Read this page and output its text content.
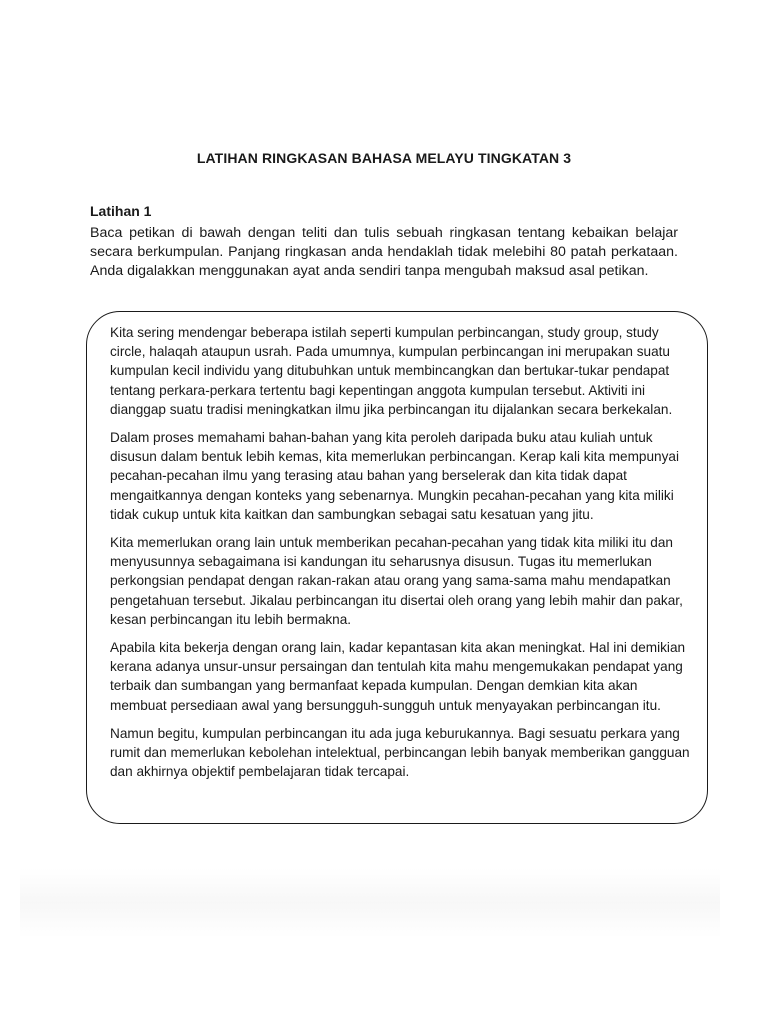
LATIHAN RINGKASAN BAHASA MELAYU TINGKATAN 3
Latihan 1
Baca petikan di bawah dengan teliti dan tulis sebuah ringkasan tentang kebaikan belajar secara berkumpulan. Panjang ringkasan anda hendaklah tidak melebihi 80 patah perkataan. Anda digalakkan menggunakan ayat anda sendiri tanpa mengubah maksud asal petikan.

Kita sering mendengar beberapa istilah seperti kumpulan perbincangan, study group, study circle, halaqah ataupun usrah. Pada umumnya, kumpulan perbincangan ini merupakan suatu kumpulan kecil individu yang ditubuhkan untuk membincangkan dan bertukar-tukar pendapat tentang perkara-perkara tertentu bagi kepentingan anggota kumpulan tersebut. Aktiviti ini dianggap suatu tradisi meningkatkan ilmu jika perbincangan itu dijalankan secara berkekalan.

Dalam proses memahami bahan-bahan yang kita peroleh daripada buku atau kuliah untuk disusun dalam bentuk lebih kemas, kita memerlukan perbincangan. Kerap kali kita mempunyai pecahan-pecahan ilmu yang terasing atau bahan yang berselerak dan kita tidak dapat mengaitkannya dengan konteks yang sebenarnya. Mungkin pecahan-pecahan yang kita miliki tidak cukup untuk kita kaitkan dan sambungkan sebagai satu kesatuan yang jitu.

Kita memerlukan orang lain untuk memberikan pecahan-pecahan yang tidak kita miliki itu dan menyusunnya sebagaimana isi kandungan itu seharusnya disusun. Tugas itu memerlukan perkongsian pendapat dengan rakan-rakan atau orang yang sama-sama mahu mendapatkan pengetahuan tersebut. Jikalau perbincangan itu disertai oleh orang yang lebih mahir dan pakar, kesan perbincangan itu lebih bermakna.

Apabila kita bekerja dengan orang lain, kadar kepantasan kita akan meningkat. Hal ini demikian kerana adanya unsur-unsur persaingan dan tentulah kita mahu mengemukakan pendapat yang terbaik dan sumbangan yang bermanfaat kepada kumpulan. Dengan demkian kita akan membuat persediaan awal yang bersungguh-sungguh untuk menyayakan perbincangan itu.

Namun begitu, kumpulan perbincangan itu ada juga keburukannya. Bagi sesuatu perkara yang rumit dan memerlukan kebolehan intelektual, perbincangan lebih banyak memberikan gangguan dan akhirnya objektif pembelajaran tidak tercapai.
